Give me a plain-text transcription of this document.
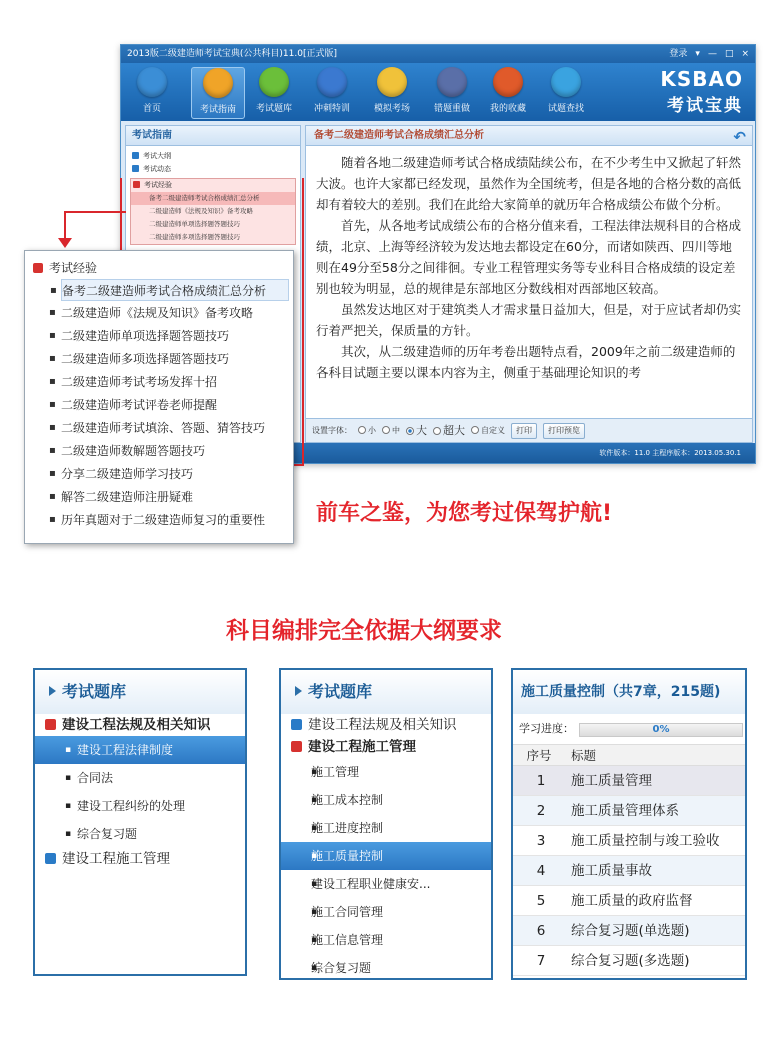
2013版二级建造师考试宝典(公共科目)11.0[正式版]	登录 ▾ — □ ×
首页	考试指南	考试题库	冲刺特训	模拟考场	错题重做	我的收藏	试题查找
KSBAO
考试宝典
考试指南
考试大纲
考试动态
考试经验
备考二级建造师考试合格成绩汇总分析
二级建造师《法规及知识》备考攻略
二级建造师单项选择题答题技巧
二级建造师多项选择题答题技巧
备考二级建造师考试合格成绩汇总分析	↶

随着各地二级建造师考试合格成绩陆续公布，在不少考生中又掀起了轩然大波。也许大家都已经发现，虽然作为全国统考，但是各地的合格分数的高低却有着较大的差别。我们在此给大家简单的就历年合格成绩公布做个分析。

首先，从各地考试成绩公布的合格分值来看，工程法律法规科目的合格成绩，北京、上海等经济较为发达地去都设定在60分，而诸如陕西、四川等地则在49分至58分之间徘徊。专业工程管理实务等专业科目合格成绩的设定差别也较为明显，总的规律是东部地区分数线相对西部地区较高。

虽然发达地区对于建筑类人才需求量日益加大，但是，对于应试者却仍实行着严把关，保质量的方针。

其次，从二级建造师的历年考卷出题特点看，2009年之前二级建造师的各科目试题主要以课本内容为主，侧重于基础理论知识的考

设置字体：	小	中	大	超大	自定义	打印	打印预览
软件版本：11.0 主程序版本：2013.05.30.1
考试经验
▪ 备考二级建造师考试合格成绩汇总分析
▪ 二级建造师《法规及知识》备考攻略
▪ 二级建造师单项选择题答题技巧
▪ 二级建造师多项选择题答题技巧
▪ 二级建造师考试考场发挥十招
▪ 二级建造师考试评卷老师提醒
▪ 二级建造师考试填涂、答题、猜答技巧
▪ 二级建造师数解题答题技巧
▪ 分享二级建造师学习技巧
▪ 解答二级建造师注册疑难
▪ 历年真题对于二级建造师复习的重要性	前车之鉴，为您考过保驾护航!
科目编排完全依据大纲要求
考试题库
建设工程法规及相关知识
▪ 建设工程法律制度
▪ 合同法
▪ 建设工程纠纷的处理
▪ 综合复习题
建设工程施工管理
考试题库
建设工程法规及相关知识
建设工程施工管理
▪ 施工管理
▪ 施工成本控制
▪ 施工进度控制
▪ 施工质量控制
▪ 建设工程职业健康安...
▪ 施工合同管理
▪ 施工信息管理
▪ 综合复习题
施工质量控制（共7章，215题)
学习进度：	0%
序号	标题
1	施工质量管理
2	施工质量管理体系
3	施工质量控制与竣工验收
4	施工质量事故
5	施工质量的政府监督
6	综合复习题(单选题)
7	综合复习题(多选题)
